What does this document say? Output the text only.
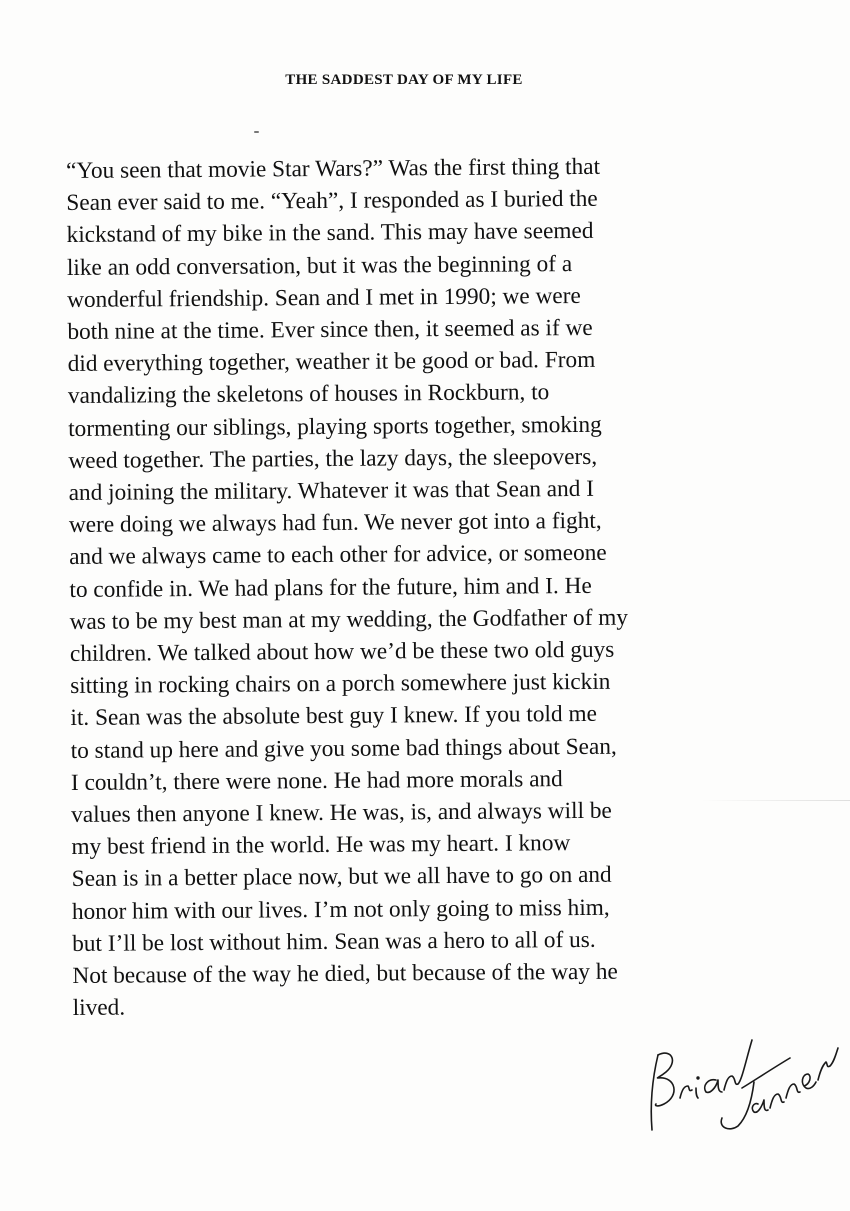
THE SADDEST DAY OF MY LIFE
“You seen that movie Star Wars?” Was the first thing that
Sean ever said to me. “Yeah”, I responded as I buried the
kickstand of my bike in the sand. This may have seemed
like an odd conversation, but it was the beginning of a
wonderful friendship. Sean and I met in 1990; we were
both nine at the time. Ever since then, it seemed as if we
did everything together, weather it be good or bad. From
vandalizing the skeletons of houses in Rockburn, to
tormenting our siblings, playing sports together, smoking
weed together. The parties, the lazy days, the sleepovers,
and joining the military. Whatever it was that Sean and I
were doing we always had fun. We never got into a fight,
and we always came to each other for advice, or someone
to confide in. We had plans for the future, him and I. He
was to be my best man at my wedding, the Godfather of my
children. We talked about how we’d be these two old guys
sitting in rocking chairs on a porch somewhere just kickin
it. Sean was the absolute best guy I knew. If you told me
to stand up here and give you some bad things about Sean,
I couldn’t, there were none. He had more morals and
values then anyone I knew. He was, is, and always will be
my best friend in the world. He was my heart. I know
Sean is in a better place now, but we all have to go on and
honor him with our lives. I’m not only going to miss him,
but I’ll be lost without him. Sean was a hero to all of us.
Not because of the way he died, but because of the way he
lived.
